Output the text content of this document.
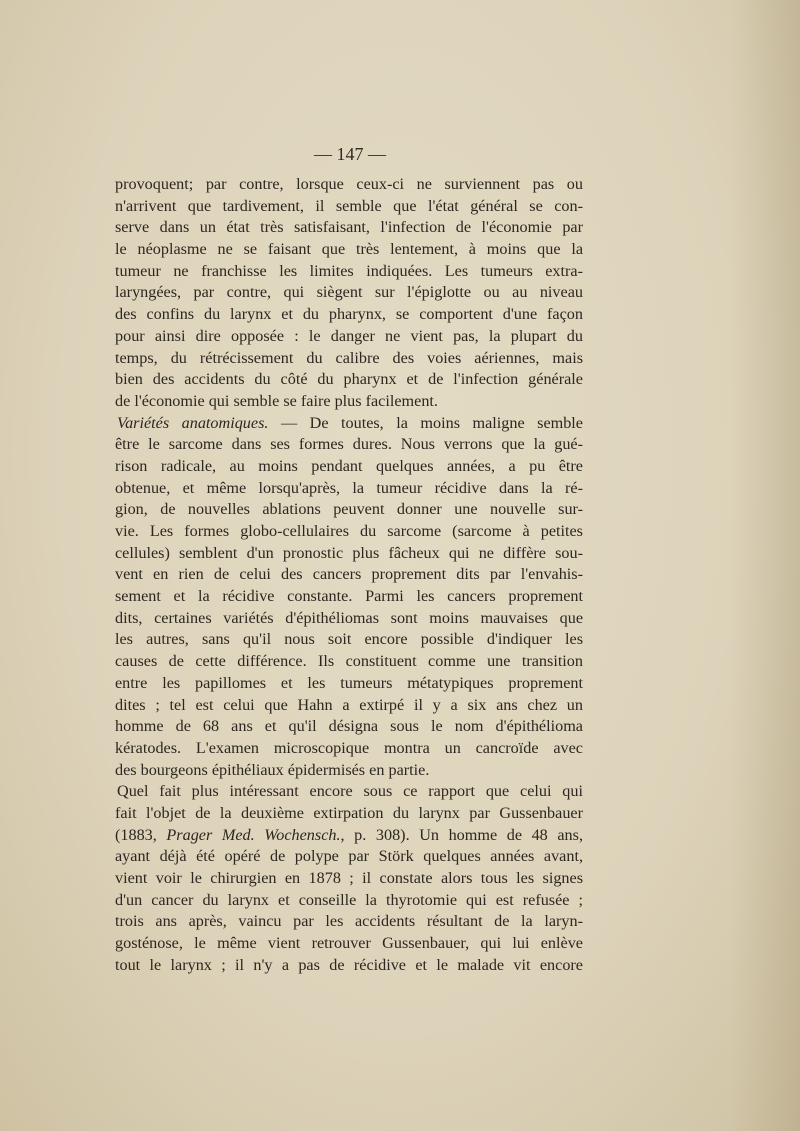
— 147 —
provoquent; par contre, lorsque ceux-ci ne surviennent pas ou
n'arrivent que tardivement, il semble que l'état général se con-
serve dans un état très satisfaisant, l'infection de l'économie par
le néoplasme ne se faisant que très lentement, à moins que la
tumeur ne franchisse les limites indiquées. Les tumeurs extra-
laryngées, par contre, qui siègent sur l'épiglotte ou au niveau
des confins du larynx et du pharynx, se comportent d'une façon
pour ainsi dire opposée : le danger ne vient pas, la plupart du
temps, du rétrécissement du calibre des voies aériennes, mais
bien des accidents du côté du pharynx et de l'infection générale
de l'économie qui semble se faire plus facilement.
Variétés anatomiques. — De toutes, la moins maligne semble
être le sarcome dans ses formes dures. Nous verrons que la gué-
rison radicale, au moins pendant quelques années, a pu être
obtenue, et même lorsqu'après, la tumeur récidive dans la ré-
gion, de nouvelles ablations peuvent donner une nouvelle sur-
vie. Les formes globo-cellulaires du sarcome (sarcome à petites
cellules) semblent d'un pronostic plus fâcheux qui ne diffère sou-
vent en rien de celui des cancers proprement dits par l'envahis-
sement et la récidive constante. Parmi les cancers proprement
dits, certaines variétés d'épithéliomas sont moins mauvaises que
les autres, sans qu'il nous soit encore possible d'indiquer les
causes de cette différence. Ils constituent comme une transition
entre les papillomes et les tumeurs métatypiques proprement
dites ; tel est celui que Hahn a extirpé il y a six ans chez un
homme de 68 ans et qu'il désigna sous le nom d'épithélioma
kératodes. L'examen microscopique montra un cancroïde avec
des bourgeons épithéliaux épidermisés en partie.
Quel fait plus intéressant encore sous ce rapport que celui qui
fait l'objet de la deuxième extirpation du larynx par Gussenbauer
(1883, Prager Med. Wochensch., p. 308). Un homme de 48 ans,
ayant déjà été opéré de polype par Störk quelques années avant,
vient voir le chirurgien en 1878 ; il constate alors tous les signes
d'un cancer du larynx et conseille la thyrotomie qui est refusée ;
trois ans après, vaincu par les accidents résultant de la laryn-
gosténose, le même vient retrouver Gussenbauer, qui lui enlève
tout le larynx ; il n'y a pas de récidive et le malade vit encore
